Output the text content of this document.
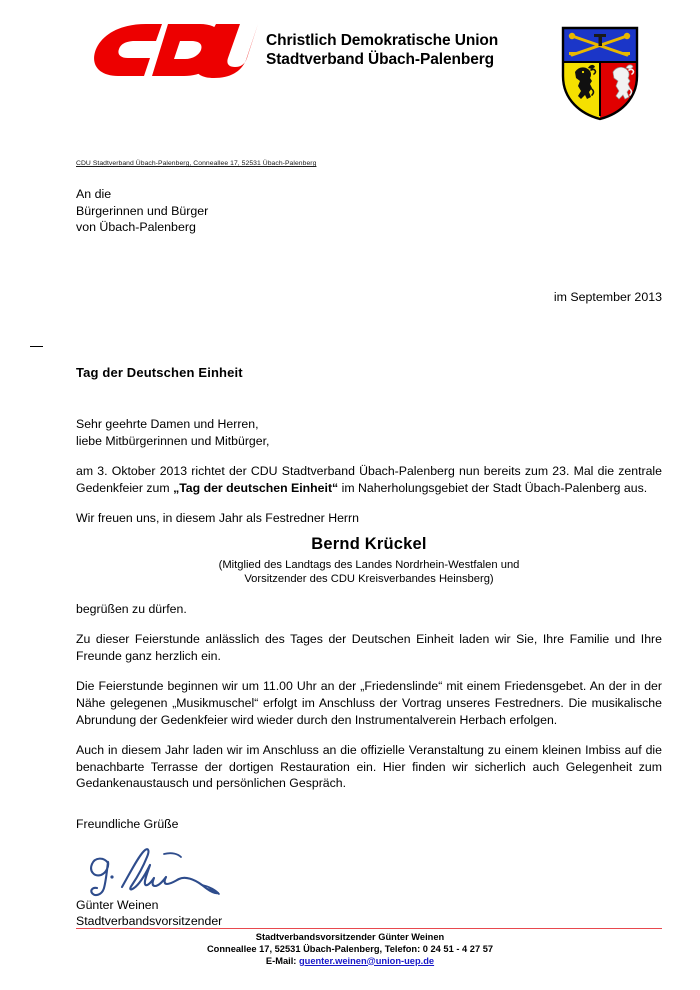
Christlich Demokratische Union
Stadtverband Übach-Palenberg
CDU Stadtverband Übach-Palenberg, Conneallee 17, 52531 Übach-Palenberg
An die
Bürgerinnen und Bürger
von Übach-Palenberg
im September 2013
Tag der Deutschen Einheit
Sehr geehrte Damen und Herren,
liebe Mitbürgerinnen und Mitbürger,

am 3. Oktober 2013 richtet der CDU Stadtverband Übach-Palenberg nun bereits zum 23. Mal die zentrale Gedenkfeier zum „Tag der deutschen Einheit“ im Naherholungsgebiet der Stadt Übach-Palenberg aus.

Wir freuen uns, in diesem Jahr als Festredner Herrn

Bernd Krückel

(Mitglied des Landtags des Landes Nordrhein-Westfalen und
Vorsitzender des CDU Kreisverbandes Heinsberg)

begrüßen zu dürfen.

Zu dieser Feierstunde anlässlich des Tages der Deutschen Einheit laden wir Sie, Ihre Familie und Ihre Freunde ganz herzlich ein.

Die Feierstunde beginnen wir um 11.00 Uhr an der „Friedenslinde“ mit einem Friedensgebet. An der in der Nähe gelegenen „Musikmuschel“ erfolgt im Anschluss der Vortrag unseres Festredners. Die musikalische Abrundung der Gedenkfeier wird wieder durch den Instrumentalverein Herbach erfolgen.

Auch in diesem Jahr laden wir im Anschluss an die offizielle Veranstaltung zu einem kleinen Imbiss auf die benachbarte Terrasse der dortigen Restauration ein. Hier finden wir sicherlich auch Gelegenheit zum Gedankenaustausch und persönlichen Gespräch.

Freundliche Grüße

Günter Weinen
Stadtverbandsvorsitzender
Stadtverbandsvorsitzender Günter Weinen
Conneallee 17, 52531 Übach-Palenberg, Telefon: 0 24 51 - 4 27 57
E-Mail: guenter.weinen@union-uep.de
